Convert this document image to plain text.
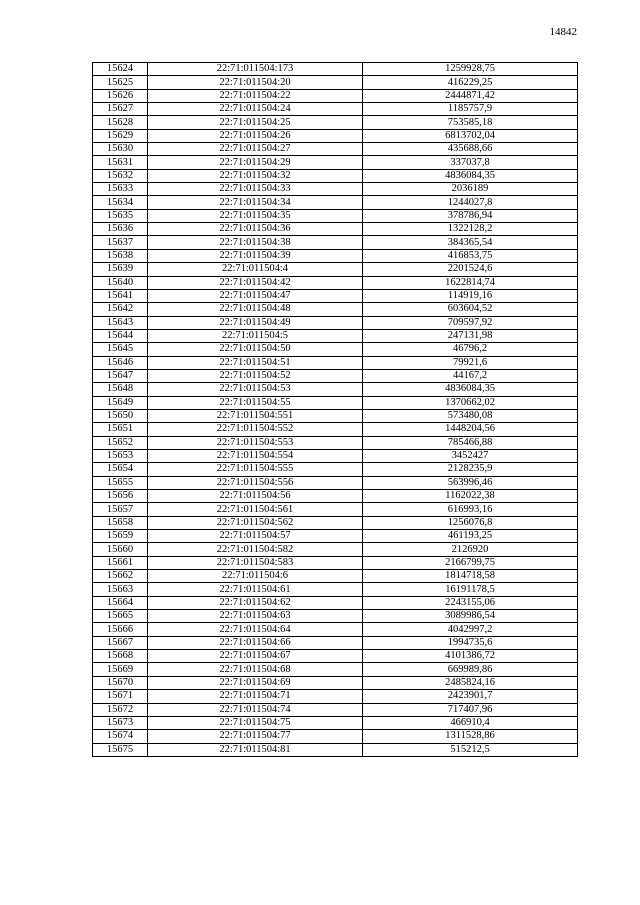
14842
15624	22:71:011504:173	1259928,75
15625	22:71:011504:20	416229,25
15626	22:71:011504:22	2444871,42
15627	22:71:011504:24	1185757,9
15628	22:71:011504:25	753585,18
15629	22:71:011504:26	6813702,04
15630	22:71:011504:27	435688,66
15631	22:71:011504:29	337037,8
15632	22:71:011504:32	4836084,35
15633	22:71:011504:33	2036189
15634	22:71:011504:34	1244027,8
15635	22:71:011504:35	378786,94
15636	22:71:011504:36	1322128,2
15637	22:71:011504:38	384365,54
15638	22:71:011504:39	416853,75
15639	22:71:011504:4	2201524,6
15640	22:71:011504:42	1622814,74
15641	22:71:011504:47	114919,16
15642	22:71:011504:48	603604,52
15643	22:71:011504:49	709597,92
15644	22:71:011504:5	247131,98
15645	22:71:011504:50	46796,2
15646	22:71:011504:51	79921,6
15647	22:71:011504:52	44167,2
15648	22:71:011504:53	4836084,35
15649	22:71:011504:55	1370662,02
15650	22:71:011504:551	573480,08
15651	22:71:011504:552	1448204,56
15652	22:71:011504:553	785466,88
15653	22:71:011504:554	3452427
15654	22:71:011504:555	2128235,9
15655	22:71:011504:556	563996,46
15656	22:71:011504:56	1162022,38
15657	22:71:011504:561	616993,16
15658	22:71:011504:562	1256076,8
15659	22:71:011504:57	461193,25
15660	22:71:011504:582	2126920
15661	22:71:011504:583	2166799,75
15662	22:71:011504:6	1814718,58
15663	22:71:011504:61	16191178,5
15664	22:71:011504:62	2243155,06
15665	22:71:011504:63	3089986,54
15666	22:71:011504:64	4042997,2
15667	22:71:011504:66	1994735,6
15668	22:71:011504:67	4101386,72
15669	22:71:011504:68	669989,86
15670	22:71:011504:69	2485824,16
15671	22:71:011504:71	2423901,7
15672	22:71:011504:74	717407,96
15673	22:71:011504:75	466910,4
15674	22:71:011504:77	1311528,86
15675	22:71:011504:81	515212,5
